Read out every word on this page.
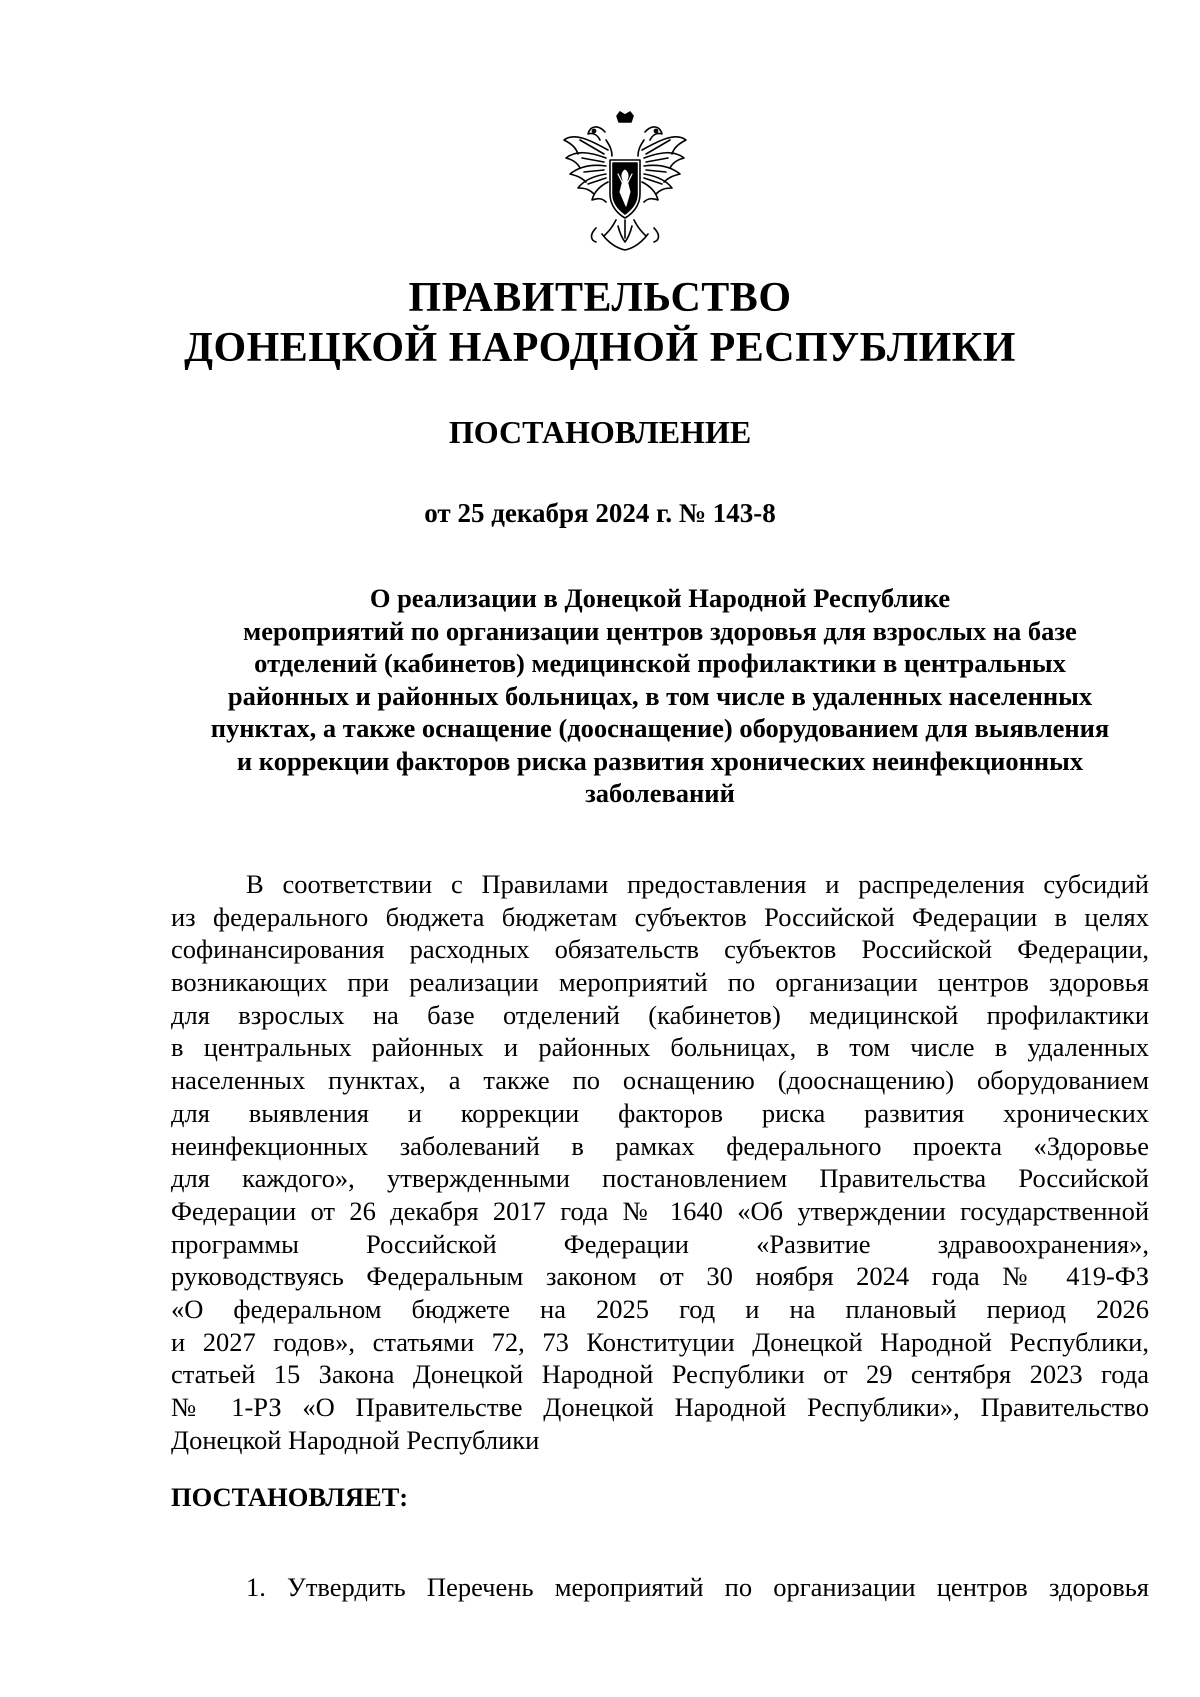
ПРАВИТЕЛЬСТВО
ДОНЕЦКОЙ НАРОДНОЙ РЕСПУБЛИКИ
ПОСТАНОВЛЕНИЕ
от 25 декабря 2024 г. № 143-8
О реализации в Донецкой Народной Республике
мероприятий по организации центров здоровья для взрослых на базе
отделений (кабинетов) медицинской профилактики в центральных
районных и районных больницах, в том числе в удаленных населенных
пунктах, а также оснащение (дооснащение) оборудованием для выявления
и коррекции факторов риска развития хронических неинфекционных
заболеваний
В соответствии с Правилами предоставления и распределения субсидий
из федерального бюджета бюджетам субъектов Российской Федерации в целях
софинансирования расходных обязательств субъектов Российской Федерации,
возникающих при реализации мероприятий по организации центров здоровья
для взрослых на базе отделений (кабинетов) медицинской профилактики
в центральных районных и районных больницах, в том числе в удаленных
населенных пунктах, а также по оснащению (дооснащению) оборудованием
для выявления и коррекции факторов риска развития хронических
неинфекционных заболеваний в рамках федерального проекта «Здоровье
для каждого», утвержденными постановлением Правительства Российской
Федерации от 26 декабря 2017 года № 1640 «Об утверждении государственной
программы Российской Федерации «Развитие здравоохранения»,
руководствуясь Федеральным законом от 30 ноября 2024 года № 419-ФЗ
«О федеральном бюджете на 2025 год и на плановый период 2026
и 2027 годов», статьями 72, 73 Конституции Донецкой Народной Республики,
статьей 15 Закона Донецкой Народной Республики от 29 сентября 2023 года
№ 1-РЗ «О Правительстве Донецкой Народной Республики», Правительство
Донецкой Народной Республики
ПОСТАНОВЛЯЕТ:
1. Утвердить Перечень мероприятий по организации центров здоровья
